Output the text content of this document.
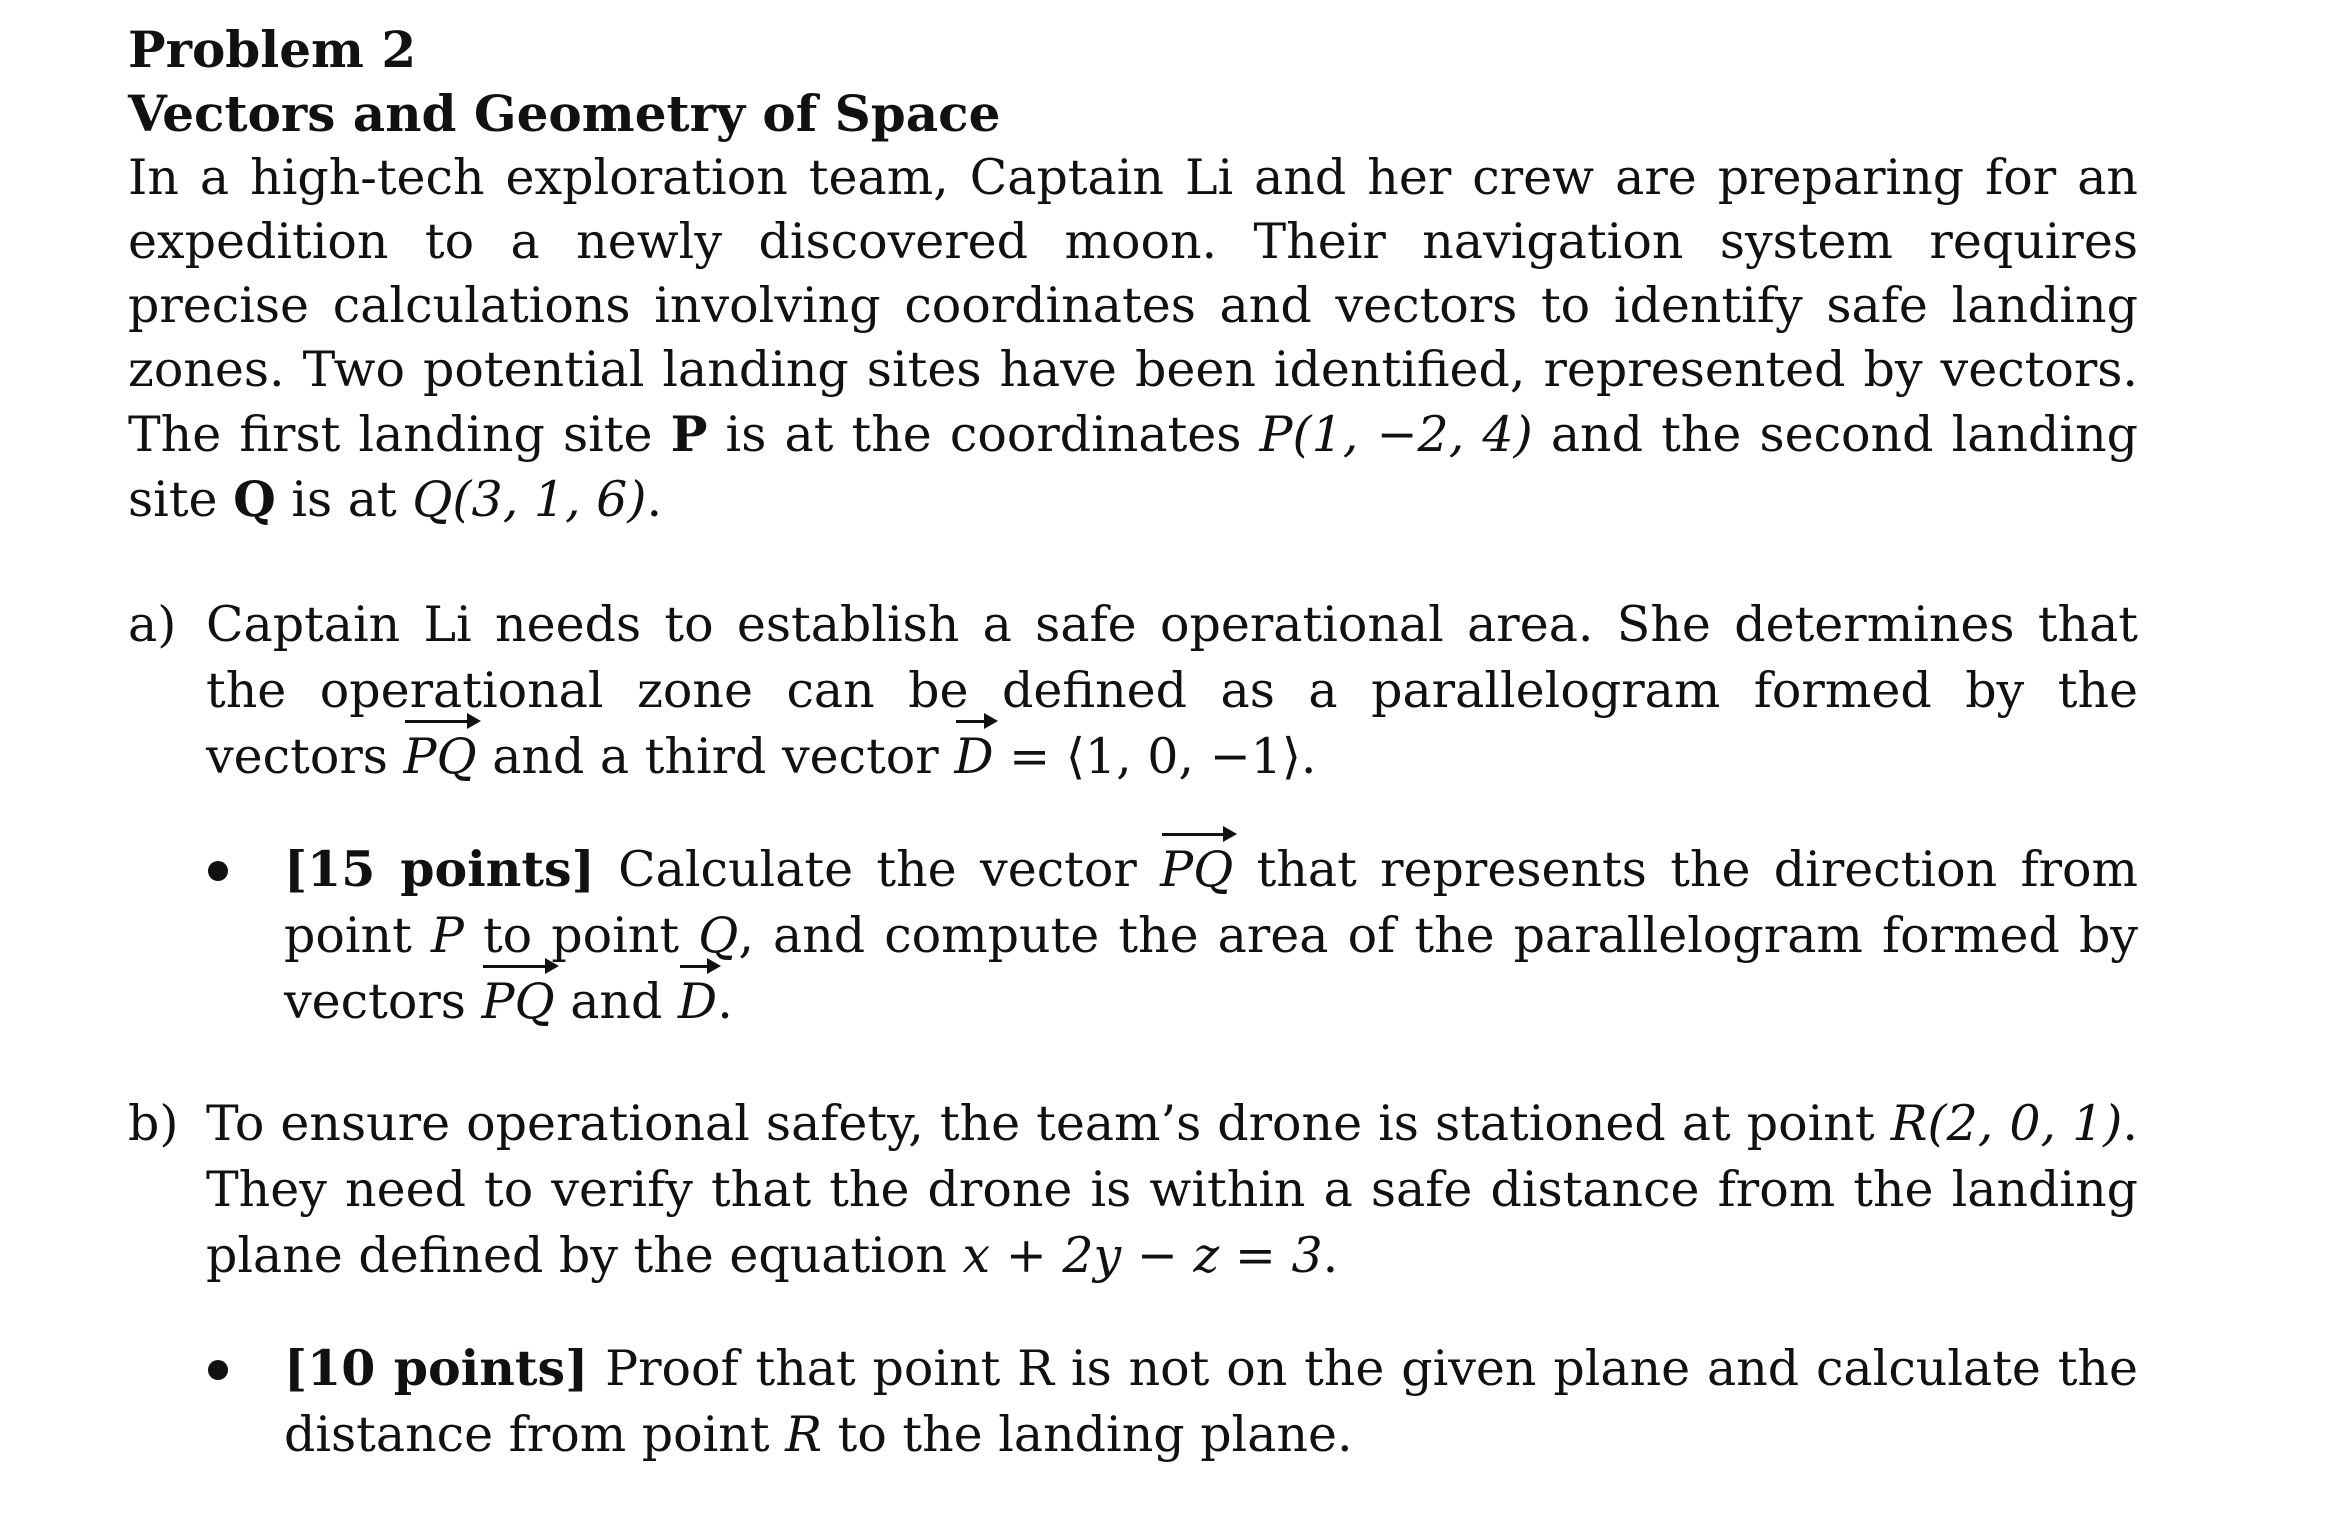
Problem 2
Vectors and Geometry of Space

In a high-tech exploration team, Captain Li and her crew are preparing for an expedition to a newly discovered moon. Their navigation system requires precise calculations involving coordinates and vectors to identify safe landing zones. Two potential landing sites have been identified, represented by vectors. The first landing site P is at the coordinates P(1, −2, 4) and the second landing site Q is at Q(3, 1, 6).

a) Captain Li needs to establish a safe operational area. She determines that the operational zone can be defined as a parallelogram formed by the vectors PQ and a third vector D = ⟨1, 0, −1⟩.
[15 points] Calculate the vector PQ that represents the direction from point P to point Q, and compute the area of the parallelogram formed by vectors PQ and D.
b) To ensure operational safety, the team’s drone is stationed at point R(2, 0, 1). They need to verify that the drone is within a safe distance from the landing plane defined by the equation x + 2y − z = 3.
[10 points] Proof that point R is not on the given plane and calculate the distance from point R to the landing plane.
